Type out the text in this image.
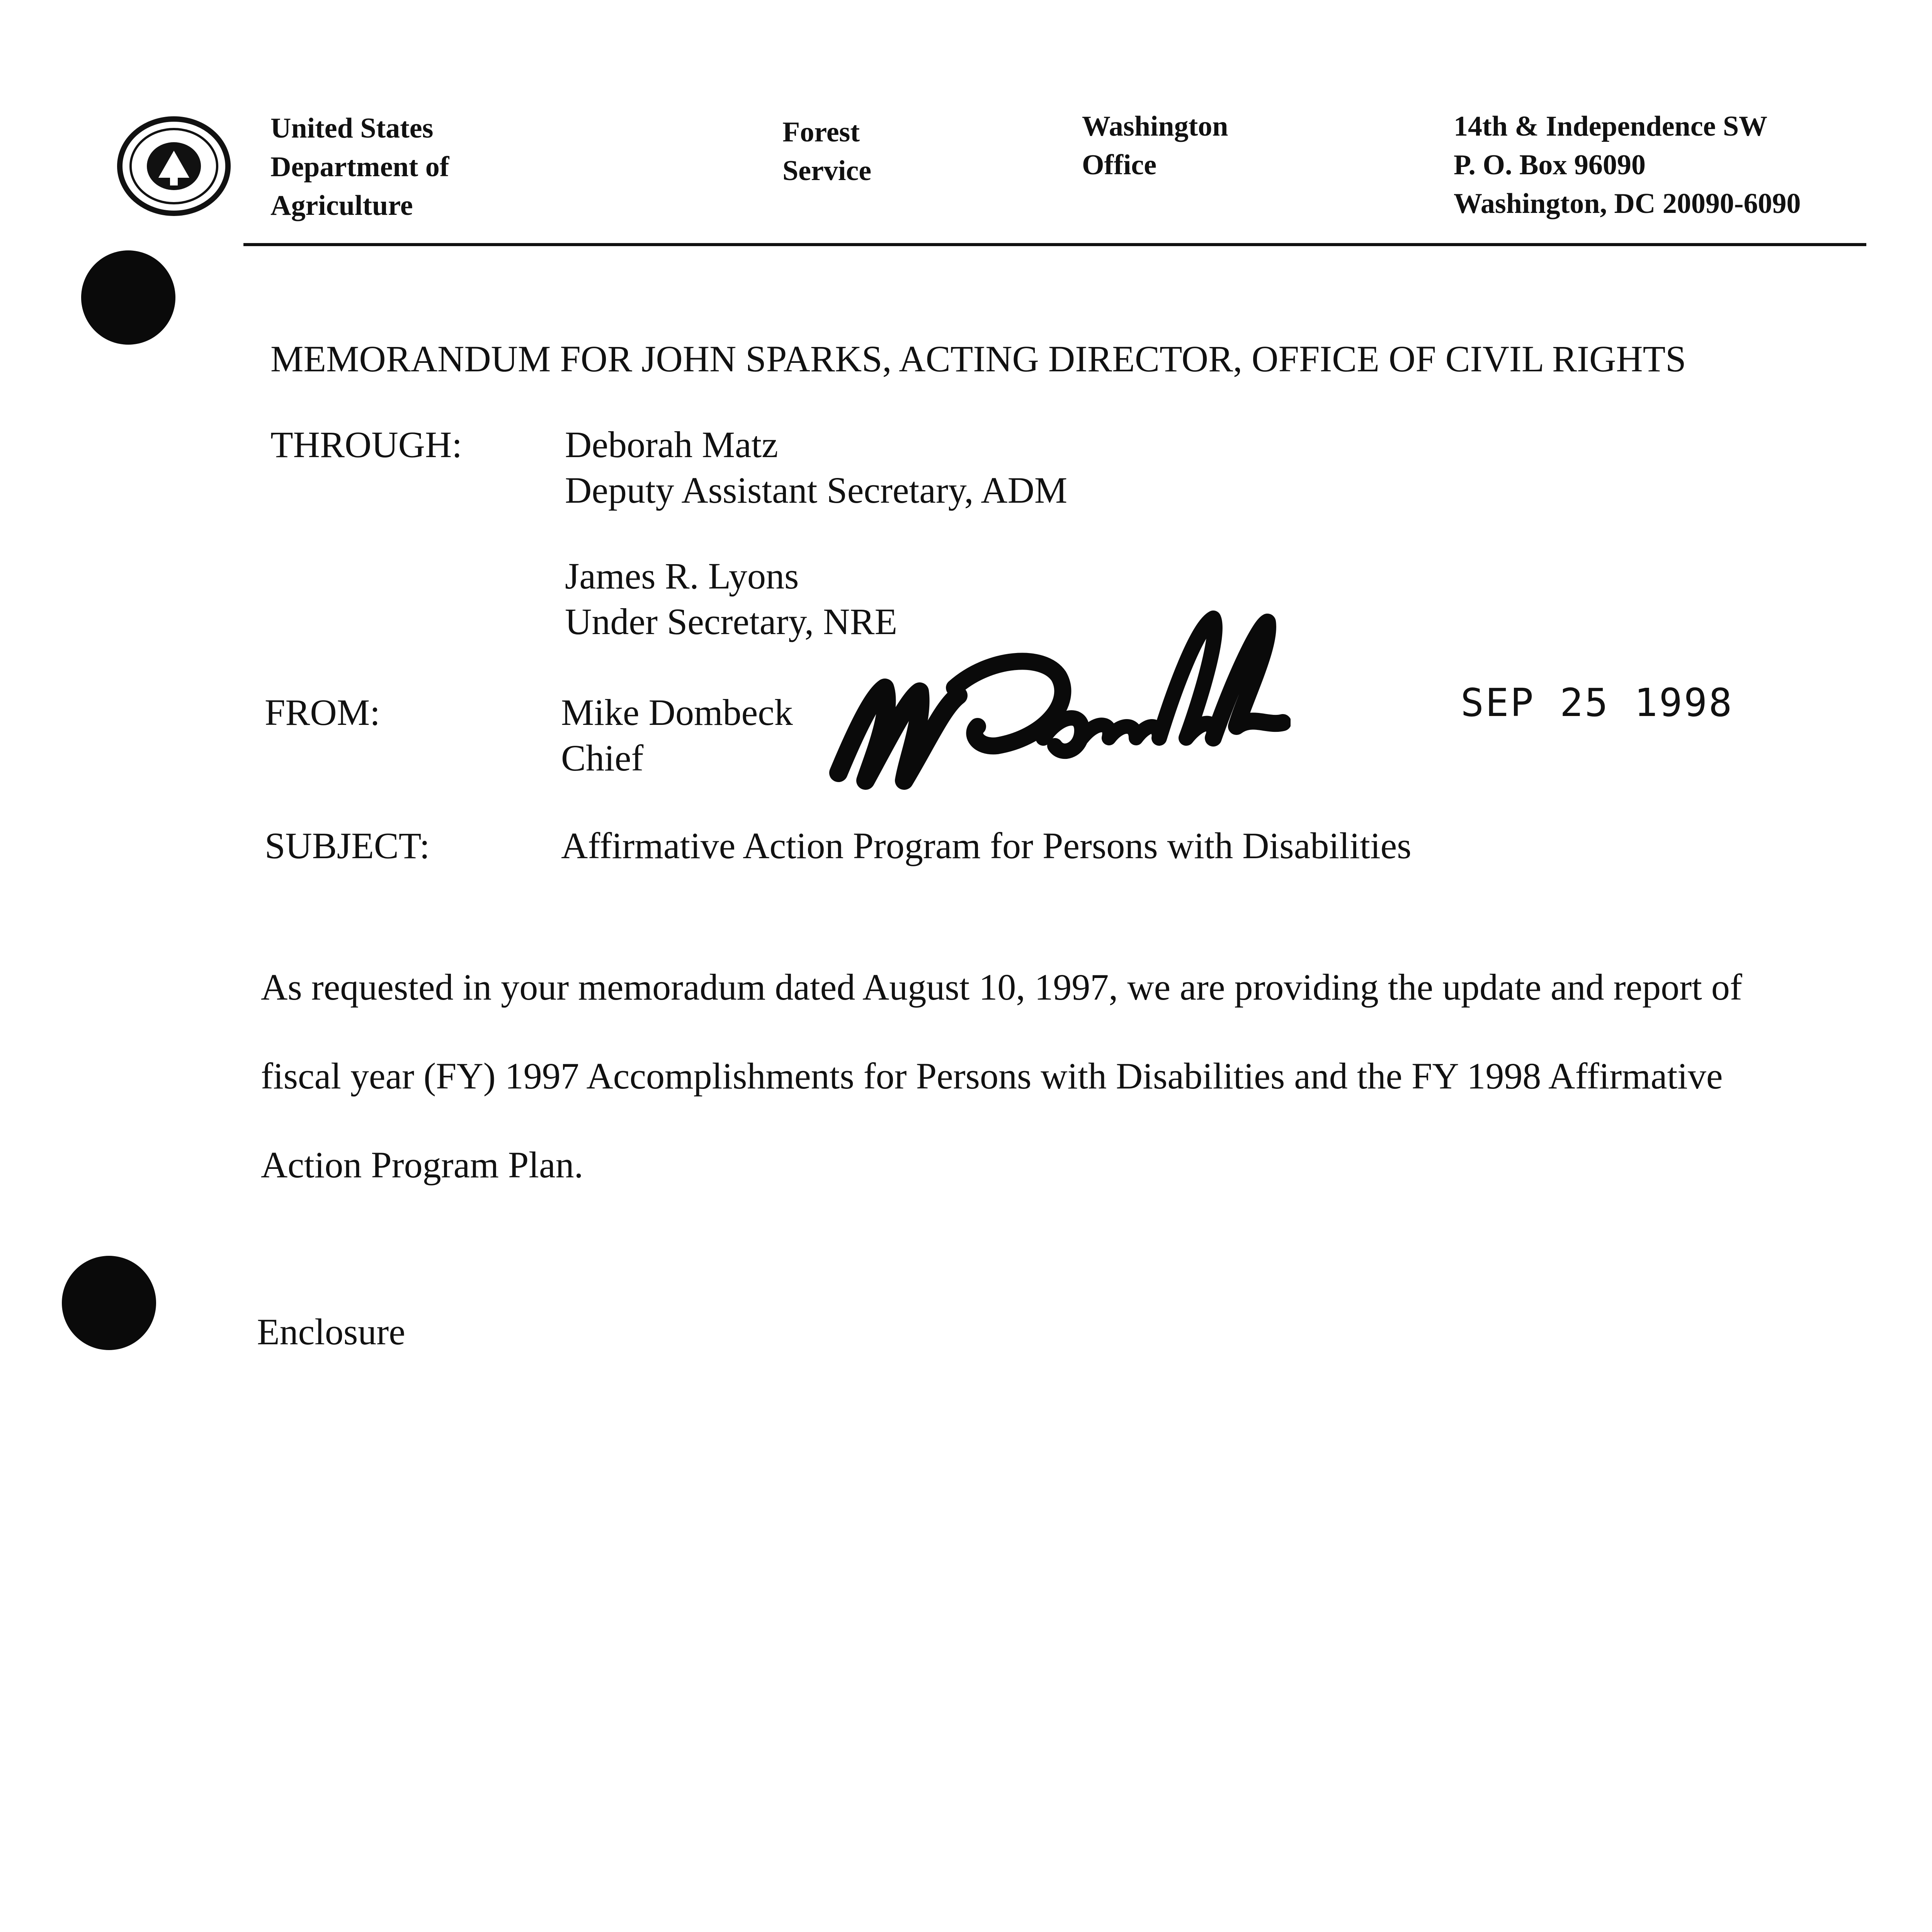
United States
Department of
Agriculture
Forest
Service
Washington
Office
14th & Independence SW
P. O. Box 96090
Washington, DC 20090-6090
MEMORANDUM FOR JOHN SPARKS, ACTING DIRECTOR, OFFICE OF CIVIL RIGHTS
THROUGH:	Deborah Matz
Deputy Assistant Secretary, ADM
James R. Lyons
Under Secretary, NRE
FROM:	Mike Dombeck
Chief
SEP 25 1998
SUBJECT:	Affirmative Action Program for Persons with Disabilities
As requested in your memoradum dated August 10, 1997, we are providing the update and report of
fiscal year (FY) 1997 Accomplishments for Persons with Disabilities and the FY 1998 Affirmative
Action Program Plan.
Enclosure
